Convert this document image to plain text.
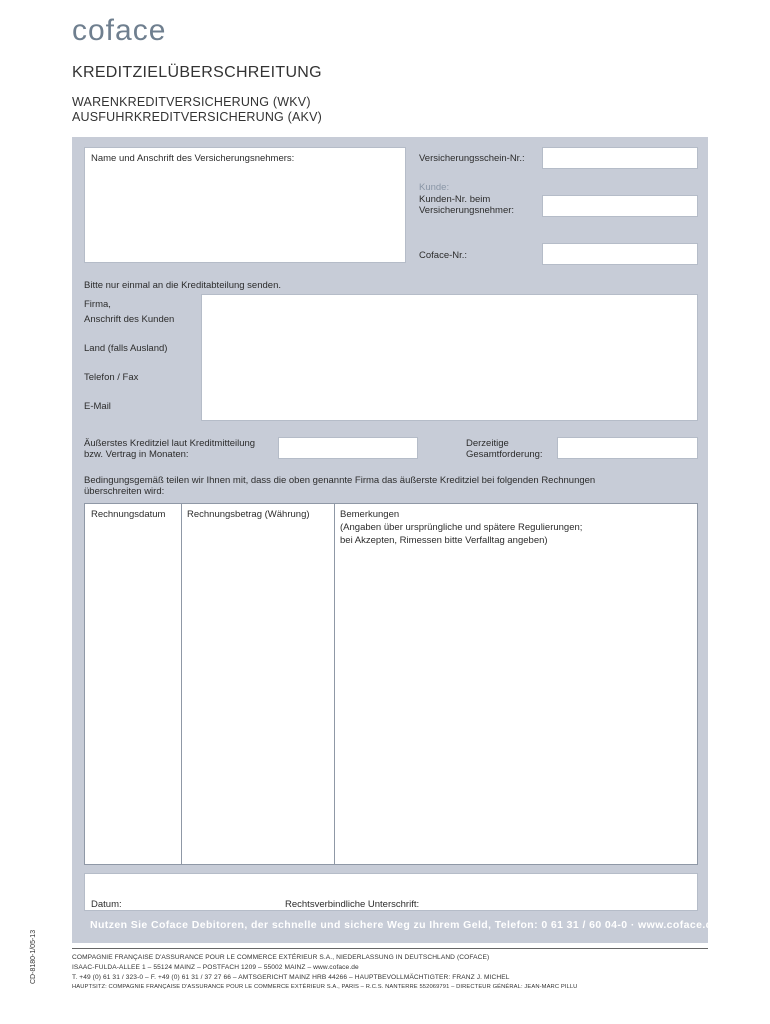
coface
KREDITZIELÜBERSCHREITUNG
WARENKREDITVERSICHERUNG (WKV)
AUSFUHRKREDITVERSICHERUNG (AKV)
Name und Anschrift des Versicherungsnehmers:	Versicherungsschein-Nr.:
Kunde:
Kunden-Nr. beim
Versicherungsnehmer:
Coface-Nr.:
Bitte nur einmal an die Kreditabteilung senden.
Firma,
Anschrift des Kunden
Land (falls Ausland)
Telefon / Fax
E-Mail
Äußerstes Kreditziel laut Kreditmitteilung
bzw. Vertrag in Monaten:
Derzeitige
Gesamtforderung:
Bedingungsgemäß teilen wir Ihnen mit, dass die oben genannte Firma das äußerste Kreditziel bei folgenden Rechnungen
überschreiten wird:
Rechnungsdatum Rechnungsbetrag (Währung)	Bemerkungen
(Angaben über ursprüngliche und spätere Regulierungen;
bei Akzepten, Rimessen bitte Verfalltag angeben)
Datum:	Rechtsverbindliche Unterschrift:
Nutzen Sie Coface Debitoren, der schnelle und sichere Weg zu Ihrem Geld, Telefon: 0 61 31 / 60 04-0 · www.coface.de
COMPAGNIE FRANÇAISE D'ASSURANCE POUR LE COMMERCE EXTÉRIEUR S.A., NIEDERLASSUNG IN DEUTSCHLAND (COFACE)
ISAAC-FULDA-ALLEE 1 – 55124 MAINZ – POSTFACH 1209 – 55002 MAINZ – www.coface.de
T. +49 (0) 61 31 / 323-0 – F. +49 (0) 61 31 / 37 27 66 – AMTSGERICHT MAINZ HRB 44266 – HAUPTBEVOLLMÄCHTIGTER: FRANZ J. MICHEL
HAUPTSITZ: COMPAGNIE FRANÇAISE D'ASSURANCE POUR LE COMMERCE EXTÉRIEUR S.A., PARIS – R.C.S. NANTERRE 552069791 – DIRECTEUR GÉNÉRAL: JEAN-MARC PILLU
CD-8180-1/05-13
